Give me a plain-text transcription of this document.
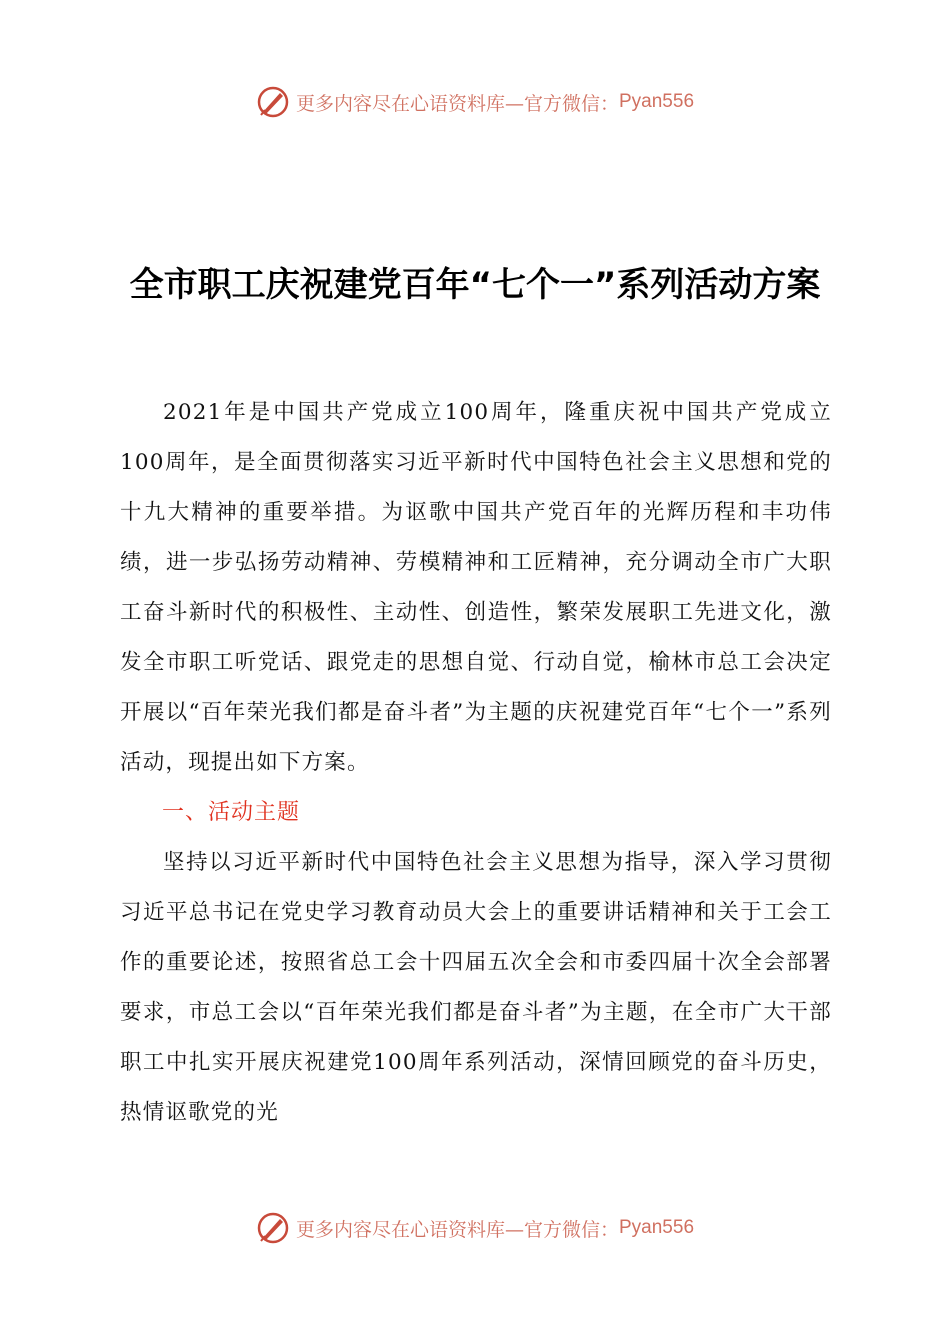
更多内容尽在心语资料库—官方微信： Pyan556
全市职工庆祝建党百年“七个一”系列活动方案

2021年是中国共产党成立100周年，隆重庆祝中国共产党成立100周年，是全面贯彻落实习近平新时代中国特色社会主义思想和党的十九大精神的重要举措。为讴歌中国共产党百年的光辉历程和丰功伟绩，进一步弘扬劳动精神、劳模精神和工匠精神，充分调动全市广大职工奋斗新时代的积极性、主动性、创造性，繁荣发展职工先进文化，激发全市职工听党话、跟党走的思想自觉、行动自觉，榆林市总工会决定开展以“百年荣光我们都是奋斗者”为主题的庆祝建党百年“七个一”系列活动，现提出如下方案。

一、活动主题

坚持以习近平新时代中国特色社会主义思想为指导，深入学习贯彻习近平总书记在党史学习教育动员大会上的重要讲话精神和关于工会工作的重要论述，按照省总工会十四届五次全会和市委四届十次全会部署要求，市总工会以“百年荣光我们都是奋斗者”为主题，在全市广大干部职工中扎实开展庆祝建党100周年系列活动，深情回顾党的奋斗历史，热情讴歌党的光

更多内容尽在心语资料库—官方微信： Pyan556
